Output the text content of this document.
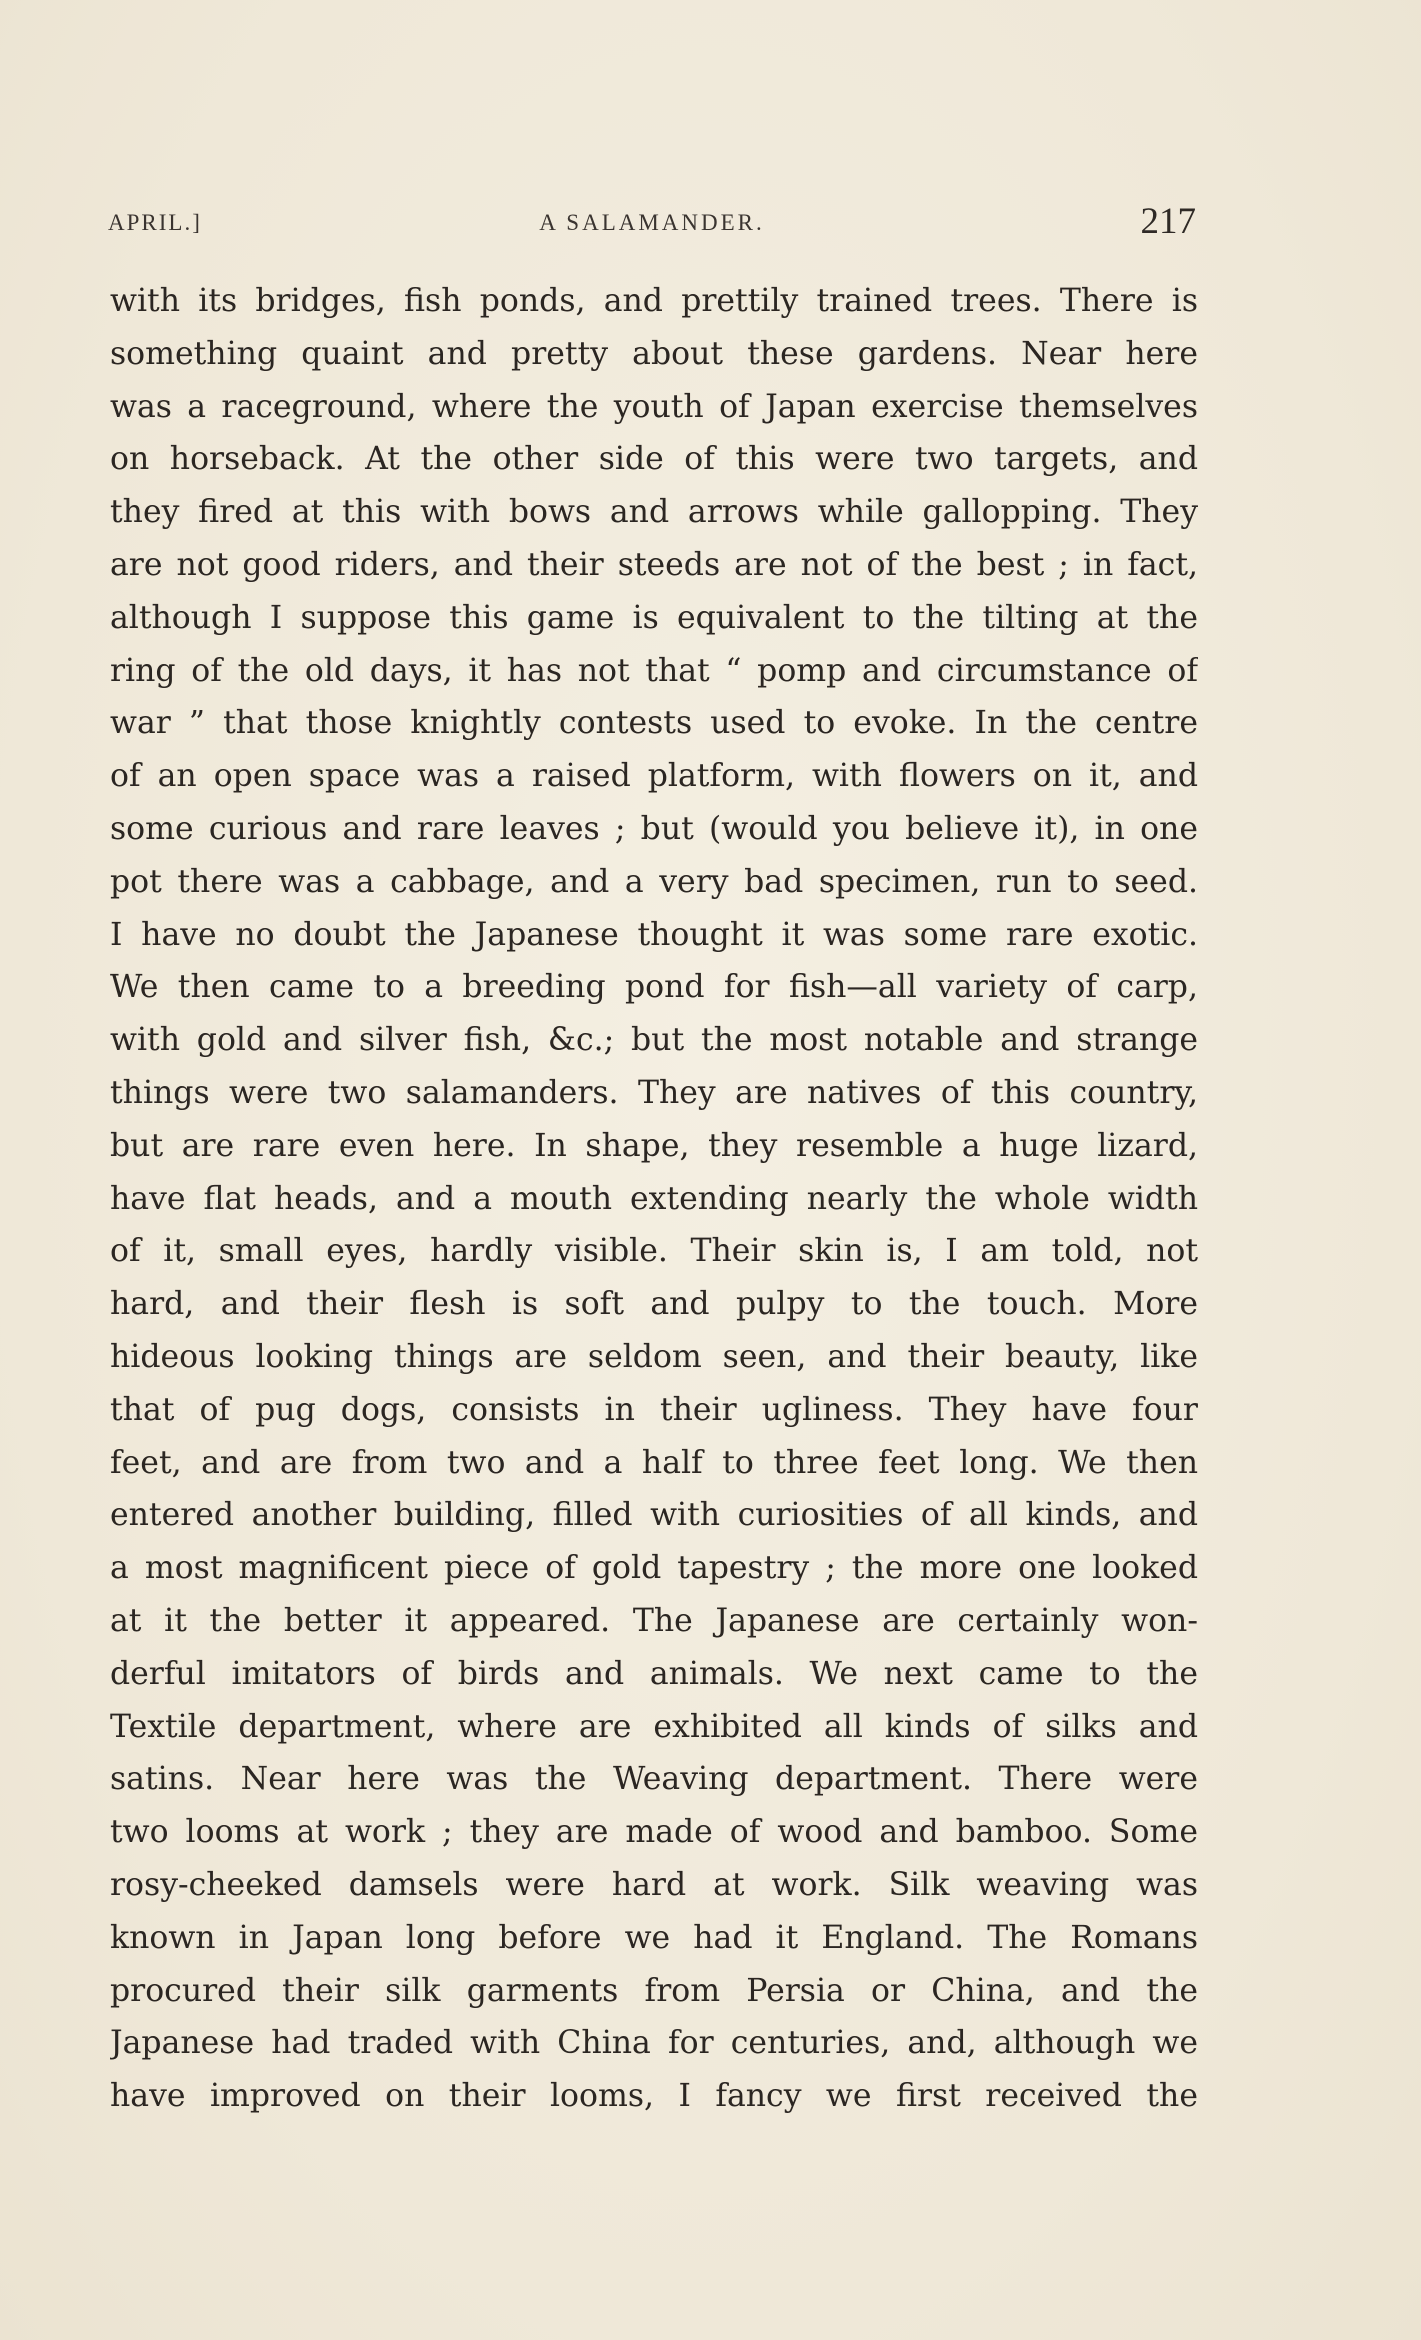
APRIL.]	A SALAMANDER.	217
with its bridges, fish ponds, and prettily trained trees. There is
something quaint and pretty about these gardens. Near here
was a raceground, where the youth of Japan exercise themselves
on horseback. At the other side of this were two targets, and
they fired at this with bows and arrows while gallopping. They
are not good riders, and their steeds are not of the best ; in fact,
although I suppose this game is equivalent to the tilting at the
ring of the old days, it has not that “ pomp and circumstance of
war ” that those knightly contests used to evoke. In the centre
of an open space was a raised platform, with flowers on it, and
some curious and rare leaves ; but (would you believe it), in one
pot there was a cabbage, and a very bad specimen, run to seed.
I have no doubt the Japanese thought it was some rare exotic.
We then came to a breeding pond for fish—all variety of carp,
with gold and silver fish, &c.; but the most notable and strange
things were two salamanders. They are natives of this country,
but are rare even here. In shape, they resemble a huge lizard,
have flat heads, and a mouth extending nearly the whole width
of it, small eyes, hardly visible. Their skin is, I am told, not
hard, and their flesh is soft and pulpy to the touch. More
hideous looking things are seldom seen, and their beauty, like
that of pug dogs, consists in their ugliness. They have four
feet, and are from two and a half to three feet long. We then
entered another building, filled with curiosities of all kinds, and
a most magnificent piece of gold tapestry ; the more one looked
at it the better it appeared. The Japanese are certainly won-
derful imitators of birds and animals. We next came to the
Textile department, where are exhibited all kinds of silks and
satins. Near here was the Weaving department. There were
two looms at work ; they are made of wood and bamboo. Some
rosy-cheeked damsels were hard at work. Silk weaving was
known in Japan long before we had it England. The Romans
procured their silk garments from Persia or China, and the
Japanese had traded with China for centuries, and, although we
have improved on their looms, I fancy we first received the
